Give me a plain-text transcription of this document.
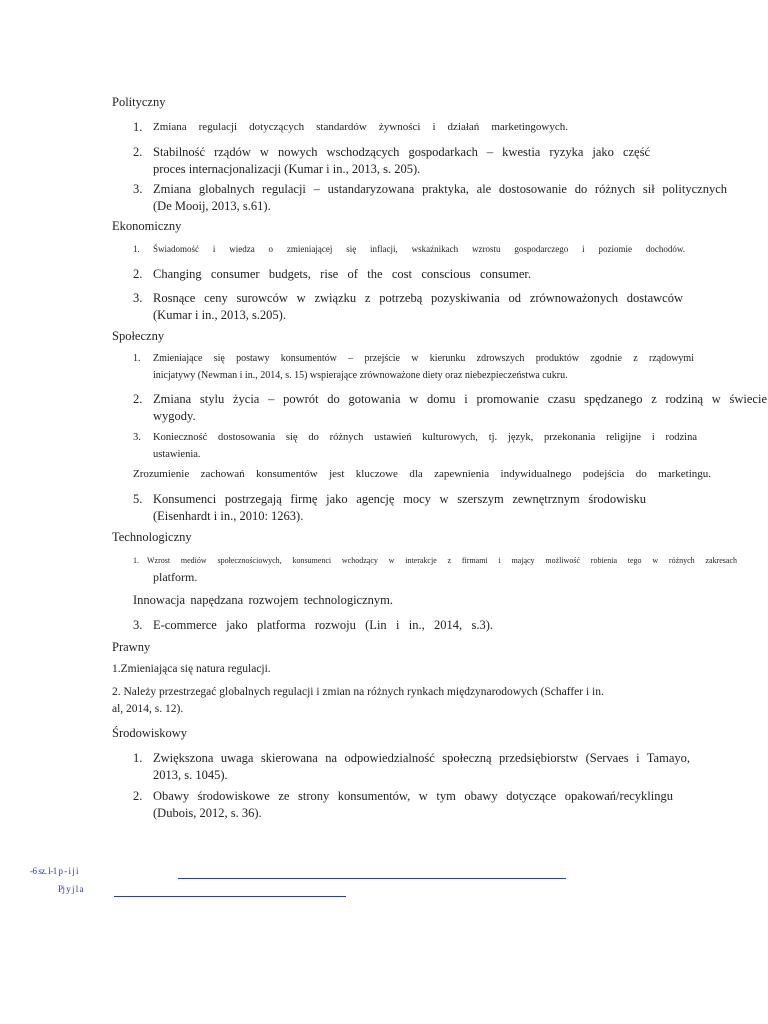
Polityczny
1. Zmiana regulacji dotyczących standardów żywności i działań marketingowych.
2. Stabilność rządów w nowych wschodzących gospodarkach – kwestia ryzyka jako część
proces internacjonalizacji (Kumar i in., 2013, s. 205).
3. Zmiana globalnych regulacji – ustandaryzowana praktyka, ale dostosowanie do różnych sił politycznych
(De Mooij, 2013, s.61).
Ekonomiczny
1. Świadomość i wiedza o zmieniającej się inflacji, wskaźnikach wzrostu gospodarczego i poziomie dochodów.
2. Changing consumer budgets, rise of the cost conscious consumer.
3. Rosnące ceny surowców w związku z potrzebą pozyskiwania od zrównoważonych dostawców
(Kumar i in., 2013, s.205).
Społeczny
1. Zmieniające się postawy konsumentów – przejście w kierunku zdrowszych produktów zgodnie z rządowymi
inicjatywy (Newman i in., 2014, s. 15) wspierające zrównoważone diety oraz niebezpieczeństwa cukru.
2. Zmiana stylu życia – powrót do gotowania w domu i promowanie czasu spędzanego z rodziną w świecie
wygody.
3. Konieczność dostosowania się do różnych ustawień kulturowych, tj. język, przekonania religijne i rodzina
ustawienia.
Zrozumienie zachowań konsumentów jest kluczowe dla zapewnienia indywidualnego podejścia do marketingu.
5. Konsumenci postrzegają firmę jako agencję mocy w szerszym zewnętrznym środowisku
(Eisenhardt i in., 2010: 1263).
Technologiczny
1. Wzrost mediów społecznościowych, konsumenci wchodzący w interakcje z firmami i mający możliwość robienia tego w różnych zakresach
platform.
Innowacja napędzana rozwojem technologicznym.
3. E-commerce jako platforma rozwoju (Lin i in., 2014, s.3).
Prawny
1.Zmieniająca się natura regulacji.
2. Należy przestrzegać globalnych regulacji i zmian na różnych rynkach międzynarodowych (Schaffer i in.
al, 2014, s. 12).
Środowiskowy
1. Zwiększona uwaga skierowana na odpowiedzialność społeczną przedsiębiorstw (Servaes i Tamayo,
2013, s. 1045).
2. Obawy środowiskowe ze strony konsumentów, w tym obawy dotyczące opakowań/recyklingu
(Dubois, 2012, s. 36).
-6 sz. l-1 p - i j i
Pj y j l a
